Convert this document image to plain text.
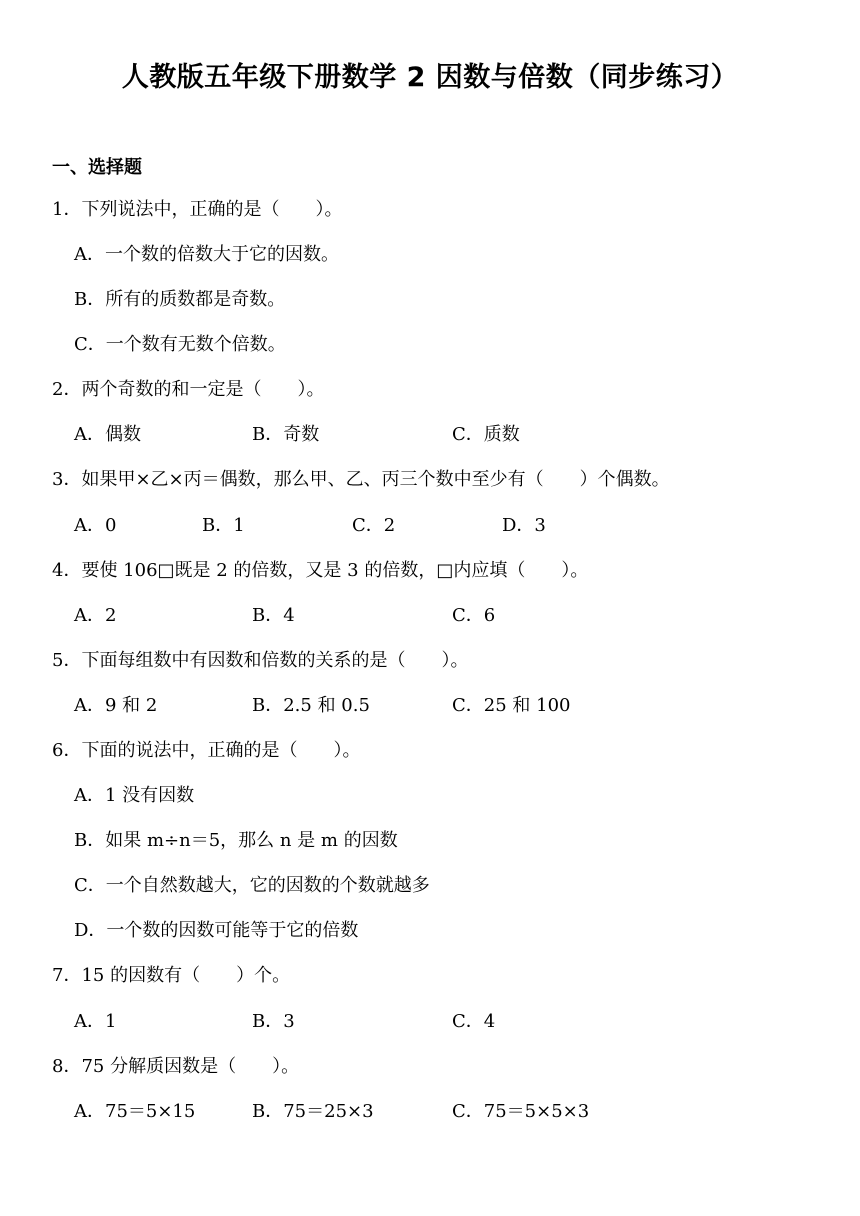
人教版五年级下册数学 2 因数与倍数（同步练习）
一、选择题
1．下列说法中，正确的是（　　）。
A．一个数的倍数大于它的因数。
B．所有的质数都是奇数。
C．一个数有无数个倍数。
2．两个奇数的和一定是（　　）。
A．偶数	B．奇数	C．质数
3．如果甲×乙×丙＝偶数，那么甲、乙、丙三个数中至少有（　　）个偶数。
A．0	B．1	C．2	D．3
4．要使 106□既是 2 的倍数，又是 3 的倍数，□内应填（　　）。
A．2	B．4	C．6
5．下面每组数中有因数和倍数的关系的是（　　）。
A．9 和 2	B．2.5 和 0.5	C．25 和 100
6．下面的说法中，正确的是（　　）。
A．1 没有因数
B．如果 m÷n＝5，那么 n 是 m 的因数
C．一个自然数越大，它的因数的个数就越多
D．一个数的因数可能等于它的倍数
7．15 的因数有（　　）个。
A．1	B．3	C．4
8．75 分解质因数是（　　）。
A．75＝5×15	B．75＝25×3	C．75＝5×5×3
